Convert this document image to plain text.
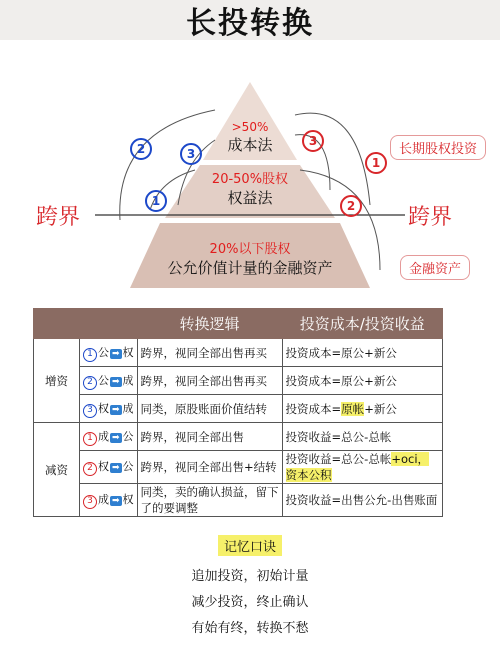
长投转换
>50%
成本法
20-50%股权
权益法
20%以下股权
公允价值计量的金融资产
跨界	跨界
长期股权投资
金融资产
1
2	3
1
2
3
		转换逻辑	投资成本/投资收益
增资	1 公 ➡ 权	跨界，视同全部出售再买	投资成本=原公+新公
	2 公 ➡ 成	跨界，视同全部出售再买	投资成本=原公+新公
	3 权 ➡ 成	同类，原股账面价值结转	投资成本=原帐+新公
减资	1 成 ➡ 公	跨界，视同全部出售	投资收益=总公-总帐
	2 权 ➡ 公	跨界，视同全部出售+结转	投资收益=总公-总帐+oci，资本公积
	3 成 ➡ 权	同类，卖的确认损益，留下了的要调整	投资收益=出售公允-出售账面
记忆口诀

追加投资，初始计量

减少投资，终止确认

有始有终，转换不愁
